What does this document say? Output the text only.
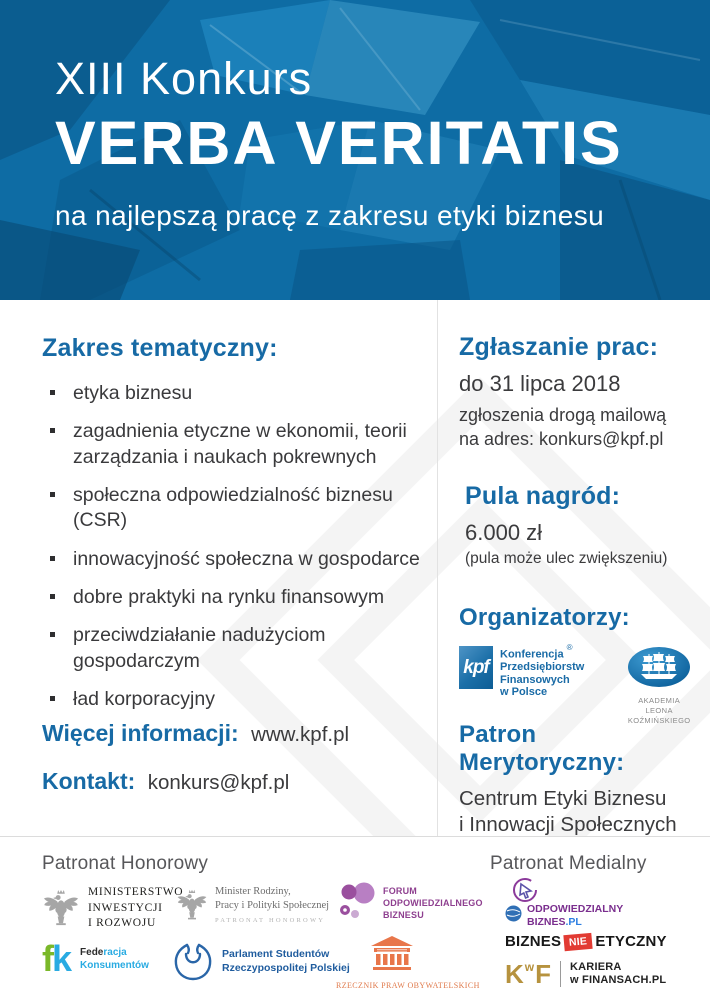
XIII Konkurs
VERBA VERITATIS
na najlepszą pracę z zakresu etyki biznesu
Zakres tematyczny:
etyka biznesu
zagadnienia etyczne w ekonomii, teorii zarządzania i naukach pokrewnych
społeczna odpowiedzialność biznesu (CSR)
innowacyjność społeczna w gospodarce
dobre praktyki na rynku finansowym
przeciwdziałanie nadużyciom gospodarczym
ład korporacyjny
Więcej informacji: www.kpf.pl
Kontakt: konkurs@kpf.pl
Zgłaszanie prac:
do 31 lipca 2018
zgłoszenia drogą mailową
na adres: konkurs@kpf.pl
Pula nagród:
6.000 zł
(pula może ulec zwiększeniu)
Organizatorzy:
kpf
Konferencja®
Przedsiębiorstw
Finansowych
w Polsce
AKADEMIA
LEONA KOŹMIŃSKIEGO
Patron Merytoryczny:
Centrum Etyki Biznesu
i Innowacji Społecznych
Patronat Honorowy	Patronat Medialny
MINISTERSTWO
INWESTYCJI
I ROZWOJU
Minister Rodziny,
Pracy i Polityki Społecznej
PATRONAT HONOROWY
FORUM
ODPOWIEDZIALNEGO
BIZNESU
fk Federacja
Konsumentów
Parlament Studentów
Rzeczypospolitej Polskiej
RZECZNIK PRAW OBYWATELSKICH
ODPOWIEDZIALNY
BIZNES.PL
BIZNES NIE ETYCZNY
K w F KARIERA
w FINANSACH.PL
